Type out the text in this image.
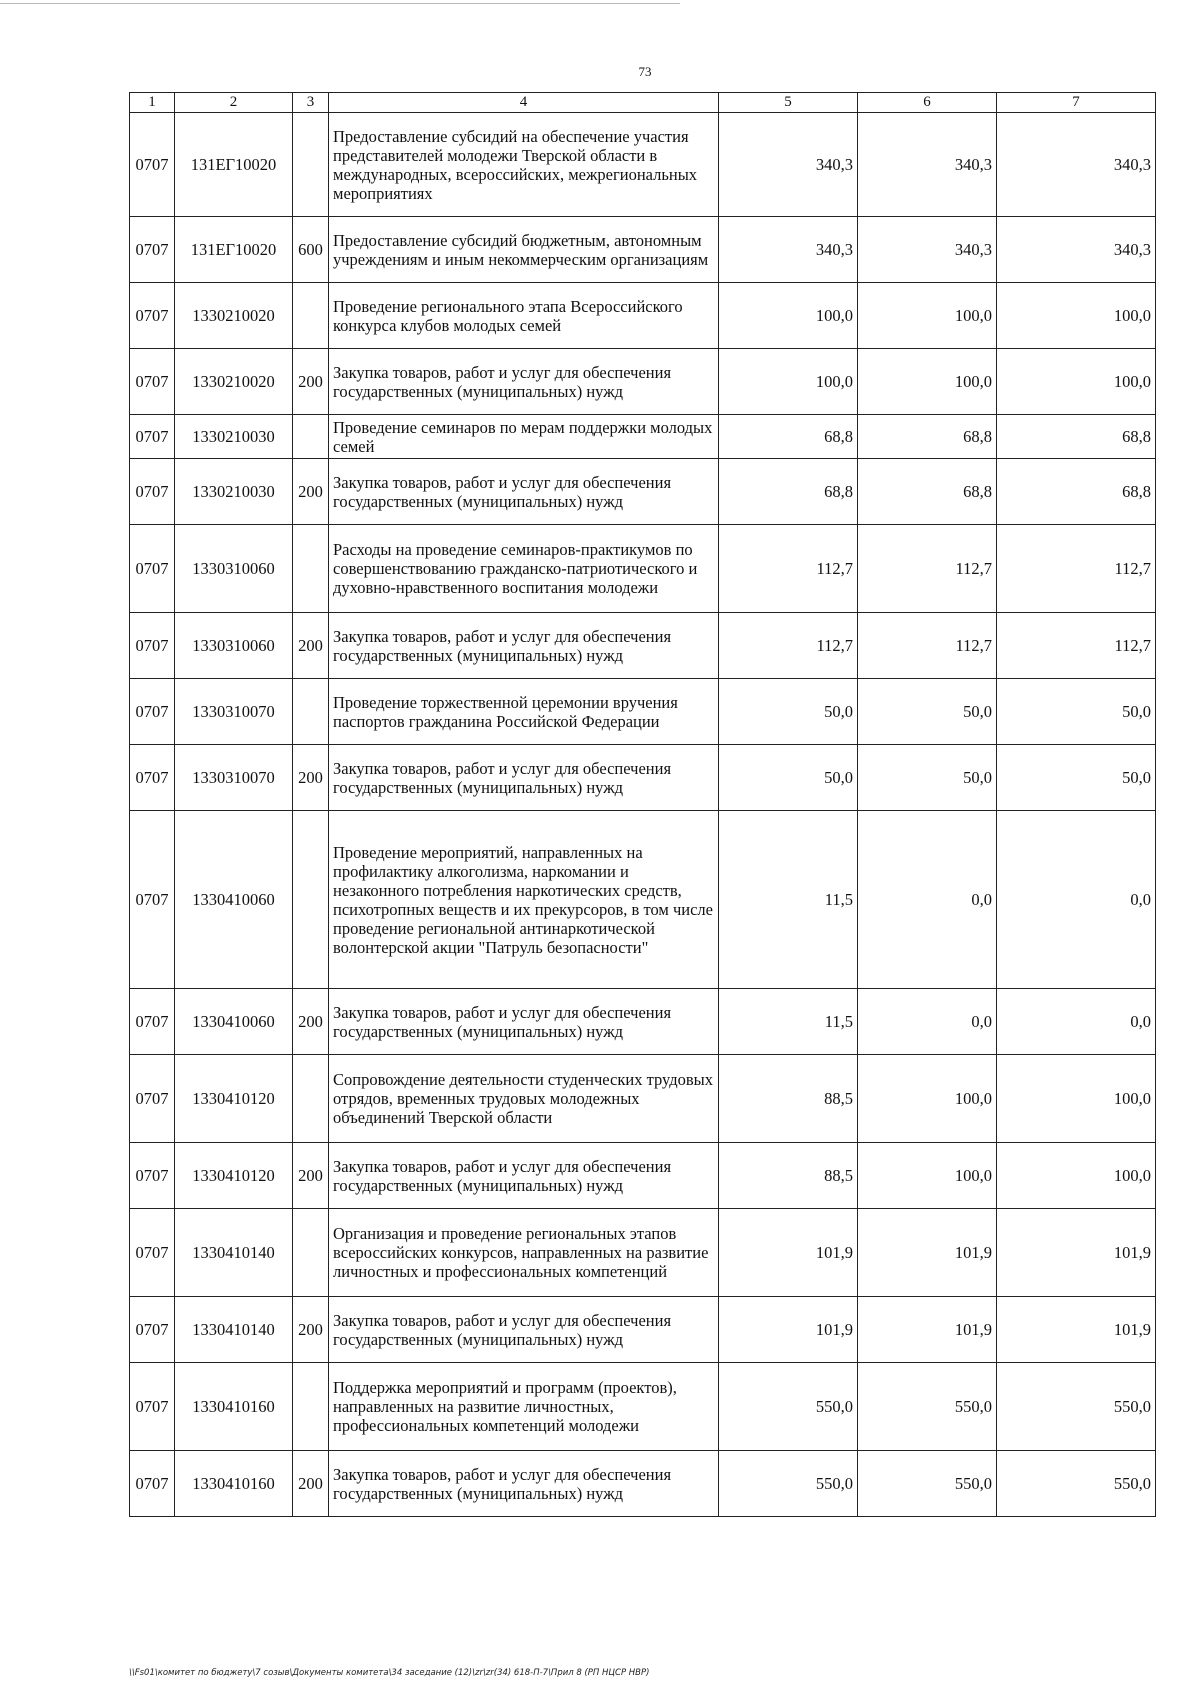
73
1	2	3	4	5	6	7
0707	131ЕГ10020		Предоставление субсидий на обеспечение участия представителей молодежи Тверской области в международных, всероссийских, межрегиональных мероприятиях	340,3	340,3	340,3
0707	131ЕГ10020	600	Предоставление субсидий бюджетным, автономным учреждениям и иным некоммерческим организациям	340,3	340,3	340,3
0707	1330210020		Проведение регионального этапа Всероссийского конкурса клубов молодых семей	100,0	100,0	100,0
0707	1330210020	200	Закупка товаров, работ и услуг для обеспечения государственных (муниципальных) нужд	100,0	100,0	100,0
0707	1330210030		Проведение семинаров по мерам поддержки молодых семей	68,8	68,8	68,8
0707	1330210030	200	Закупка товаров, работ и услуг для обеспечения государственных (муниципальных) нужд	68,8	68,8	68,8
0707	1330310060		Расходы на проведение семинаров-практикумов по совершенствованию гражданско-патриотического и духовно-нравственного воспитания молодежи	112,7	112,7	112,7
0707	1330310060	200	Закупка товаров, работ и услуг для обеспечения государственных (муниципальных) нужд	112,7	112,7	112,7
0707	1330310070		Проведение торжественной церемонии вручения паспортов гражданина Российской Федерации	50,0	50,0	50,0
0707	1330310070	200	Закупка товаров, работ и услуг для обеспечения государственных (муниципальных) нужд	50,0	50,0	50,0
0707	1330410060		Проведение мероприятий, направленных на профилактику алкоголизма, наркомании и незаконного потребления наркотических средств, психотропных веществ и их прекурсоров, в том числе проведение региональной антинаркотической волонтерской акции "Патруль безопасности"	11,5	0,0	0,0
0707	1330410060	200	Закупка товаров, работ и услуг для обеспечения государственных (муниципальных) нужд	11,5	0,0	0,0
0707	1330410120		Сопровождение деятельности студенческих трудовых отрядов, временных трудовых молодежных объединений Тверской области	88,5	100,0	100,0
0707	1330410120	200	Закупка товаров, работ и услуг для обеспечения государственных (муниципальных) нужд	88,5	100,0	100,0
0707	1330410140		Организация и проведение региональных этапов всероссийских конкурсов, направленных на развитие личностных и профессиональных компетенций	101,9	101,9	101,9
0707	1330410140	200	Закупка товаров, работ и услуг для обеспечения государственных (муниципальных) нужд	101,9	101,9	101,9
0707	1330410160		Поддержка мероприятий и программ (проектов), направленных на развитие личностных, профессиональных компетенций молодежи	550,0	550,0	550,0
0707	1330410160	200	Закупка товаров, работ и услуг для обеспечения государственных (муниципальных) нужд	550,0	550,0	550,0
\\Fs01\комитет по бюджету\7 созыв\Документы комитета\34 заседание (12)\zr\zr(34) 618-П-7\Прил 8 (РП НЦСР НВР)
